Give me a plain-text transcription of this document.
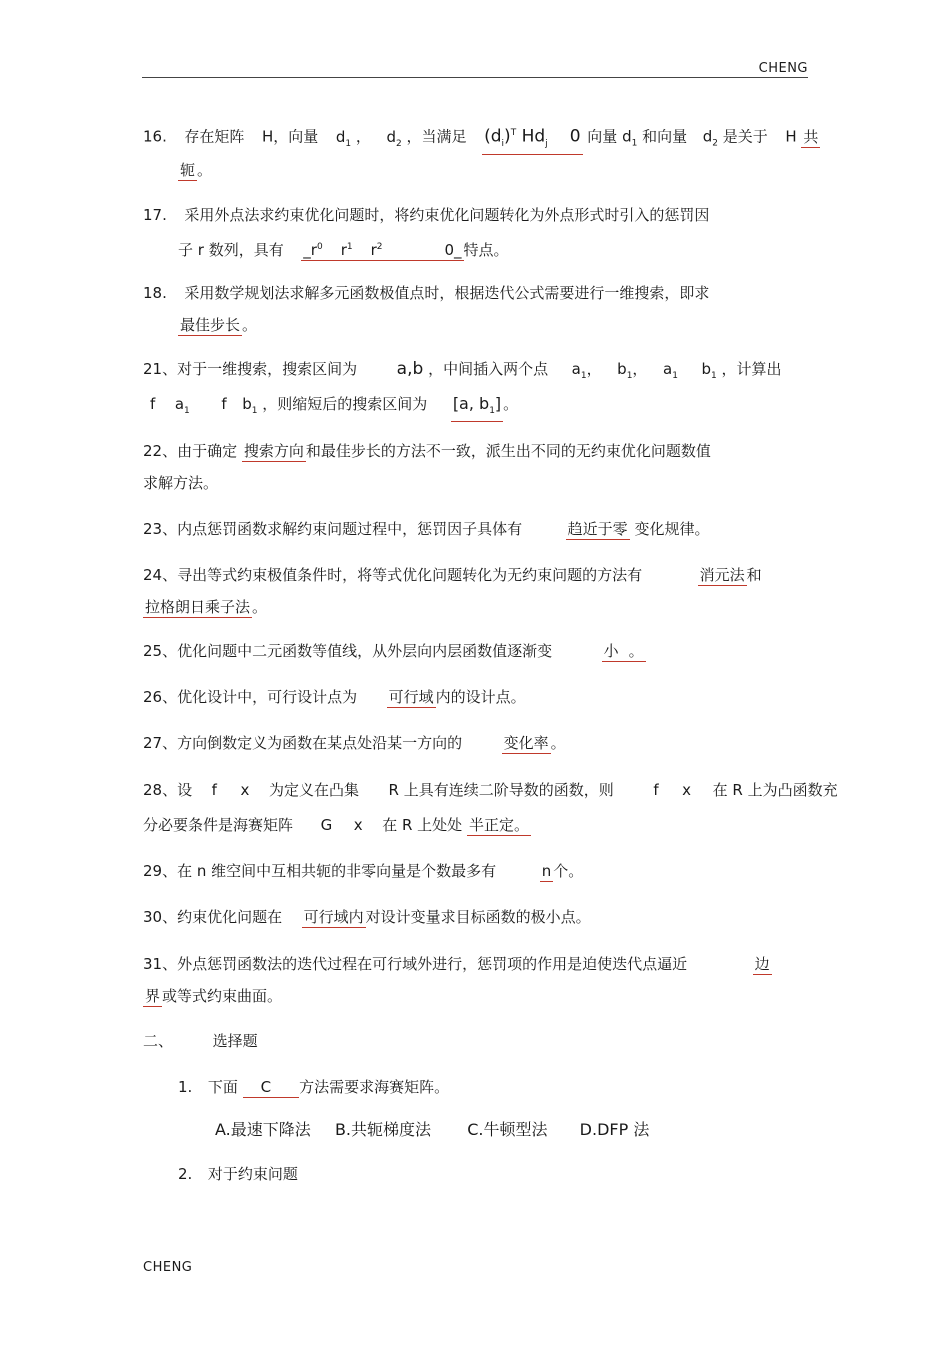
CHENG
16. 存在矩阵 H，向量 $d_1$ ， $d_2$ ，当满足 $(d_i)^T$ $Hd_j$ 0 向量 $d_1$ 和向量 $d_2$ 是关于 H 共
轭 。
17. 采用外点法求约束优化问题时，将约束优化问题转化为外点形式时引入的惩罚因
子 r 数列，具有 $\_r^0$ $r^1$ $r^2$	0_ 特点。
18. 采用数学规划法求解多元函数极值点时，根据迭代公式需要进行一维搜索，即求
最佳步长 。
21、对于一维搜索，搜索区间为 a,b ，中间插入两个点 $a_1$， $b_1$， $a_1$ $b_1$ ，计算出
f $a_1$ f $b_1$ ，则缩短后的搜索区间为 [a, $b_1$] 。
22、由于确定 搜索方向 和最佳步长的方法不一致，派生出不同的无约束优化问题数值
求解方法。
23、内点惩罚函数求解约束问题过程中，惩罚因子具体有	趋近于零 变化规律。
24、寻出等式约束极值条件时，将等式优化问题转化为无约束问题的方法有	消元法 和
拉格朗日乘子法 。
25、优化问题中二元函数等值线，从外层向内层函数值逐渐变	小 。
26、优化设计中，可行设计点为 可行域 内的设计点。
27、方向倒数定义为函数在某点处沿某一方向的	变化率 。
28、设 f x 为定义在凸集 R 上具有连续二阶导数的函数，则	f x 在 R 上为凸函数充
分必要条件是海赛矩阵 G x 在 R 上处处 半正定。
29、在 n 维空间中互相共轭的非零向量是个数最多有	n 个。
30、约束优化问题在 可行域内 对设计变量求目标函数的极小点。
31、外点惩罚函数法的迭代过程在可行域外进行，惩罚项的作用是迫使迭代点逼近	边
界 或等式约束曲面。
二、	选择题
1. 下面 C 方法需要求海赛矩阵。
A.最速下降法 B.共轭梯度法 C.牛顿型法 D.DFP 法
2. 对于约束问题
CHENG
